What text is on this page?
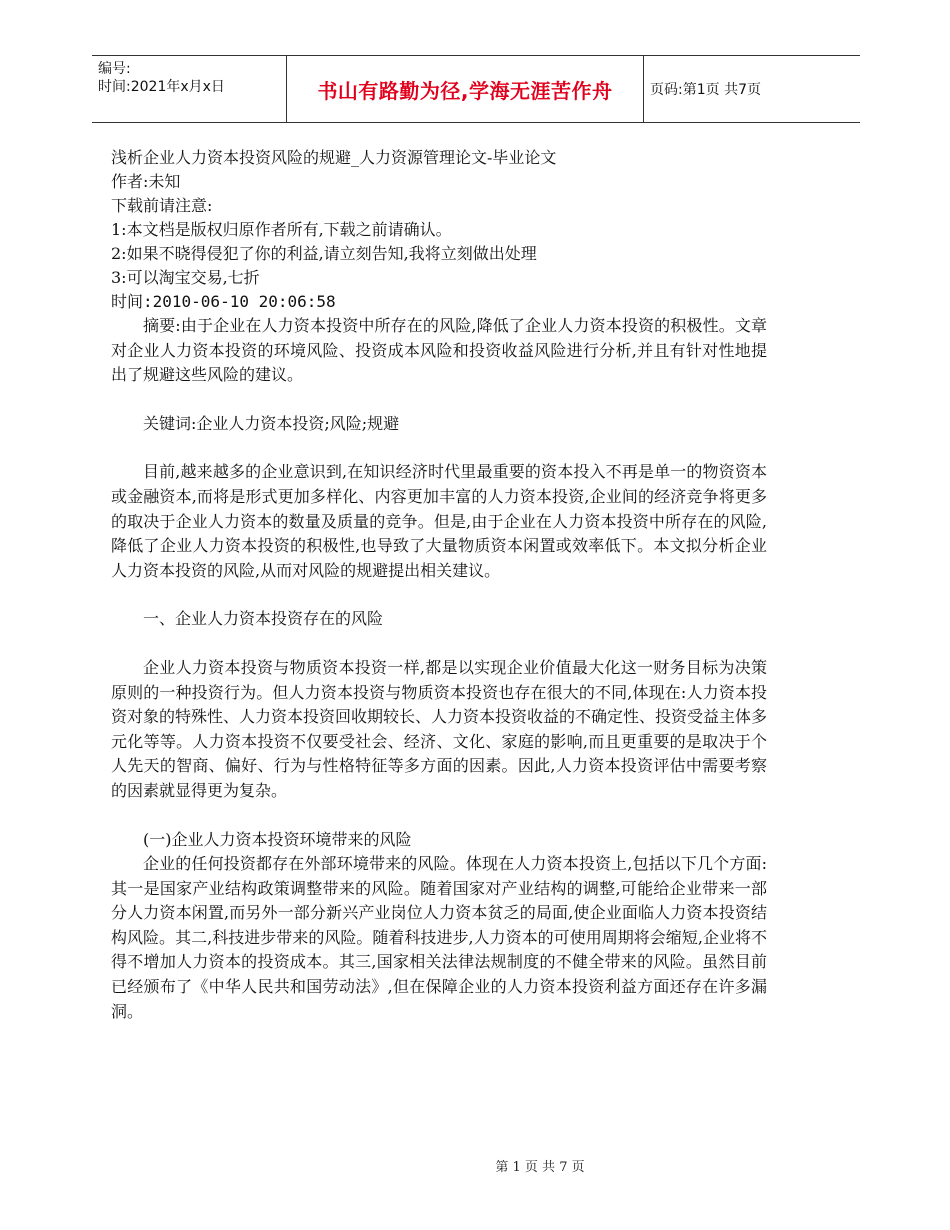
编号:
时间:2021年x月x日	书山有路勤为径,学海无涯苦作舟	页码:第1页 共7页

浅析企业人力资本投资风险的规避_人力资源管理论文-毕业论文

作者:未知

下载前请注意:

1:本文档是版权归原作者所有,下载之前请确认。

2:如果不晓得侵犯了你的利益,请立刻告知,我将立刻做出处理

3:可以淘宝交易,七折

时间:2010-06-10 20:06:58

摘要:由于企业在人力资本投资中所存在的风险,降低了企业人力资本投资的积极性。文章对企业人力资本投资的环境风险、投资成本风险和投资收益风险进行分析,并且有针对性地提出了规避这些风险的建议。

关键词:企业人力资本投资;风险;规避

目前,越来越多的企业意识到,在知识经济时代里最重要的资本投入不再是单一的物资资本或金融资本,而将是形式更加多样化、内容更加丰富的人力资本投资,企业间的经济竞争将更多的取决于企业人力资本的数量及质量的竞争。但是,由于企业在人力资本投资中所存在的风险,降低了企业人力资本投资的积极性,也导致了大量物质资本闲置或效率低下。本文拟分析企业人力资本投资的风险,从而对风险的规避提出相关建议。

一、企业人力资本投资存在的风险

企业人力资本投资与物质资本投资一样,都是以实现企业价值最大化这一财务目标为决策原则的一种投资行为。但人力资本投资与物质资本投资也存在很大的不同,体现在:人力资本投资对象的特殊性、人力资本投资回收期较长、人力资本投资收益的不确定性、投资受益主体多元化等等。人力资本投资不仅要受社会、经济、文化、家庭的影响,而且更重要的是取决于个人先天的智商、偏好、行为与性格特征等多方面的因素。因此,人力资本投资评估中需要考察的因素就显得更为复杂。

(一)企业人力资本投资环境带来的风险

企业的任何投资都存在外部环境带来的风险。体现在人力资本投资上,包括以下几个方面:其一是国家产业结构政策调整带来的风险。随着国家对产业结构的调整,可能给企业带来一部分人力资本闲置,而另外一部分新兴产业岗位人力资本贫乏的局面,使企业面临人力资本投资结构风险。其二,科技进步带来的风险。随着科技进步,人力资本的可使用周期将会缩短,企业将不得不增加人力资本的投资成本。其三,国家相关法律法规制度的不健全带来的风险。虽然目前已经颁布了《中华人民共和国劳动法》,但在保障企业的人力资本投资利益方面还存在许多漏洞。

第 1 页 共 7 页
